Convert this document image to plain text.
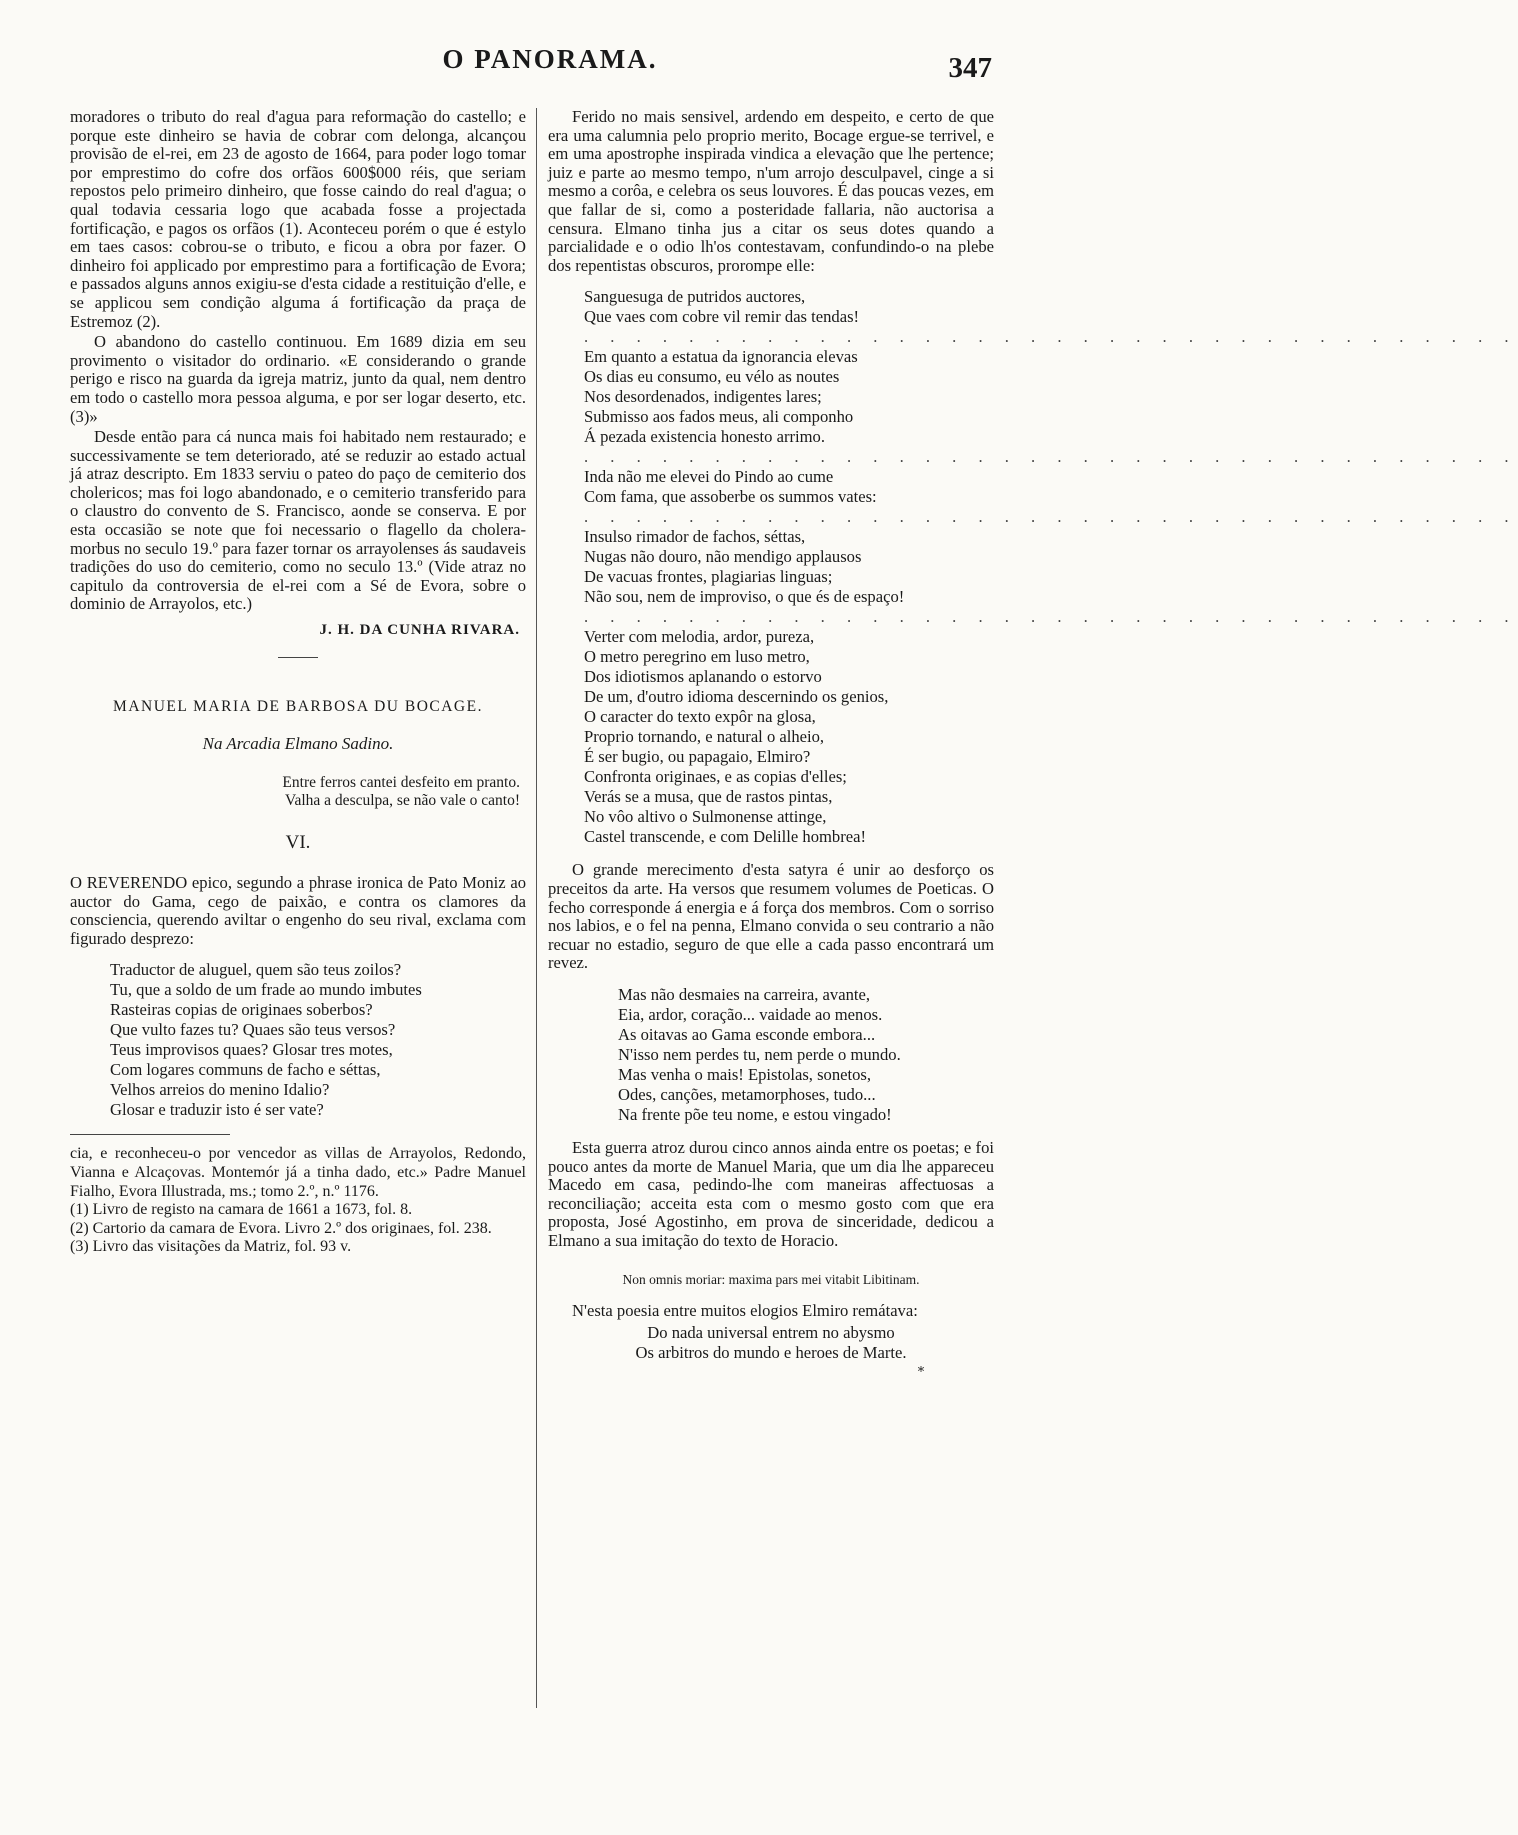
O PANORAMA.	347

moradores o tributo do real d'agua para reformação do castello; e porque este dinheiro se havia de cobrar com delonga, alcançou provisão de el-rei, em 23 de agosto de 1664, para poder logo tomar por emprestimo do cofre dos orfãos 600$000 réis, que seriam repostos pelo primeiro dinheiro, que fosse caindo do real d'agua; o qual todavia cessaria logo que acabada fosse a projectada fortificação, e pagos os orfãos (1). Aconteceu porém o que é estylo em taes casos: cobrou-se o tributo, e ficou a obra por fazer. O dinheiro foi applicado por emprestimo para a fortificação de Evora; e passados alguns annos exigiu-se d'esta cidade a restituição d'elle, e se applicou sem condição alguma á fortificação da praça de Estremoz (2).

O abandono do castello continuou. Em 1689 dizia em seu provimento o visitador do ordinario. «E considerando o grande perigo e risco na guarda da igreja matriz, junto da qual, nem dentro em todo o castello mora pessoa alguma, e por ser logar deserto, etc. (3)»

Desde então para cá nunca mais foi habitado nem restaurado; e successivamente se tem deteriorado, até se reduzir ao estado actual já atraz descripto. Em 1833 serviu o pateo do paço de cemiterio dos cholericos; mas foi logo abandonado, e o cemiterio transferido para o claustro do convento de S. Francisco, aonde se conserva. E por esta occasião se note que foi necessario o flagello da cholera-morbus no seculo 19.º para fazer tornar os arrayolenses ás saudaveis tradições do uso do cemiterio, como no seculo 13.º (Vide atraz no capitulo da controversia de el-rei com a Sé de Evora, sobre o dominio de Arrayolos, etc.)

J. H. DA CUNHA RIVARA.
MANUEL MARIA DE BARBOSA DU BOCAGE.
Na Arcadia Elmano Sadino.
Entre ferros cantei desfeito em pranto.
Valha a desculpa, se não vale o canto!
VI.

O REVERENDO epico, segundo a phrase ironica de Pato Moniz ao auctor do Gama, cego de paixão, e contra os clamores da consciencia, querendo aviltar o engenho do seu rival, exclama com figurado desprezo:

Traductor de aluguel, quem são teus zoilos?
Tu, que a soldo de um frade ao mundo imbutes
Rasteiras copias de originaes soberbos?
Que vulto fazes tu? Quaes são teus versos?
Teus improvisos quaes? Glosar tres motes,
Com logares communs de facho e séttas,
Velhos arreios do menino Idalio?
Glosar e traduzir isto é ser vate?

cia, e reconheceu-o por vencedor as villas de Arrayolos, Redondo, Vianna e Alcaçovas. Montemór já a tinha dado, etc.» Padre Manuel Fialho, Evora Illustrada, ms.; tomo 2.º, n.º 1176.

(1) Livro de registo na camara de 1661 a 1673, fol. 8.

(2) Cartorio da camara de Evora. Livro 2.º dos originaes, fol. 238.

(3) Livro das visitações da Matriz, fol. 93 v.

Ferido no mais sensivel, ardendo em despeito, e certo de que era uma calumnia pelo proprio merito, Bocage ergue-se terrivel, e em uma apostrophe inspirada vindica a elevação que lhe pertence; juiz e parte ao mesmo tempo, n'um arrojo desculpavel, cinge a si mesmo a corôa, e celebra os seus louvores. É das poucas vezes, em que fallar de si, como a posteridade fallaria, não auctorisa a censura. Elmano tinha jus a citar os seus dotes quando a parcialidade e o odio lh'os contestavam, confundindo-o na plebe dos repentistas obscuros, prorompe elle:

Sanguesuga de putridos auctores,
Que vaes com cobre vil remir das tendas!
. . . . . . . . . . . . . . . . . . . . . . . . . . . . . . . . . . . .
Em quanto a estatua da ignorancia elevas
Os dias eu consumo, eu vélo as noutes
Nos desordenados, indigentes lares;
Submisso aos fados meus, ali componho
Á pezada existencia honesto arrimo.
. . . . . . . . . . . . . . . . . . . . . . . . . . . . . . . . . . . .
Inda não me elevei do Pindo ao cume
Com fama, que assoberbe os summos vates:
. . . . . . . . . . . . . . . . . . . . . . . . . . . . . . . . . . . .
Insulso rimador de fachos, séttas,
Nugas não douro, não mendigo applausos
De vacuas frontes, plagiarias linguas;
Não sou, nem de improviso, o que és de espaço!
. . . . . . . . . . . . . . . . . . . . . . . . . . . . . . . . . . . .
Verter com melodia, ardor, pureza,
O metro peregrino em luso metro,
Dos idiotismos aplanando o estorvo
De um, d'outro idioma descernindo os genios,
O caracter do texto expôr na glosa,
Proprio tornando, e natural o alheio,
É ser bugio, ou papagaio, Elmiro?
Confronta originaes, e as copias d'elles;
Verás se a musa, que de rastos pintas,
No vôo altivo o Sulmonense attinge,
Castel transcende, e com Delille hombrea!

O grande merecimento d'esta satyra é unir ao desforço os preceitos da arte. Ha versos que resumem volumes de Poeticas. O fecho corresponde á energia e á força dos membros. Com o sorriso nos labios, e o fel na penna, Elmano convida o seu contrario a não recuar no estadio, seguro de que elle a cada passo encontrará um revez.

Mas não desmaies na carreira, avante,
Eia, ardor, coração... vaidade ao menos.
As oitavas ao Gama esconde embora...
N'isso nem perdes tu, nem perde o mundo.
Mas venha o mais! Epistolas, sonetos,
Odes, canções, metamorphoses, tudo...
Na frente põe teu nome, e estou vingado!

Esta guerra atroz durou cinco annos ainda entre os poetas; e foi pouco antes da morte de Manuel Maria, que um dia lhe appareceu Macedo em casa, pedindo-lhe com maneiras affectuosas a reconciliação; acceita esta com o mesmo gosto com que era proposta, José Agostinho, em prova de sinceridade, dedicou a Elmano a sua imitação do texto de Horacio.

Non omnis moriar: maxima pars mei vitabit Libitinam.

N'esta poesia entre muitos elogios Elmiro remátava:

Do nada universal entrem no abysmo
Os arbitros do mundo e heroes de Marte.
*
